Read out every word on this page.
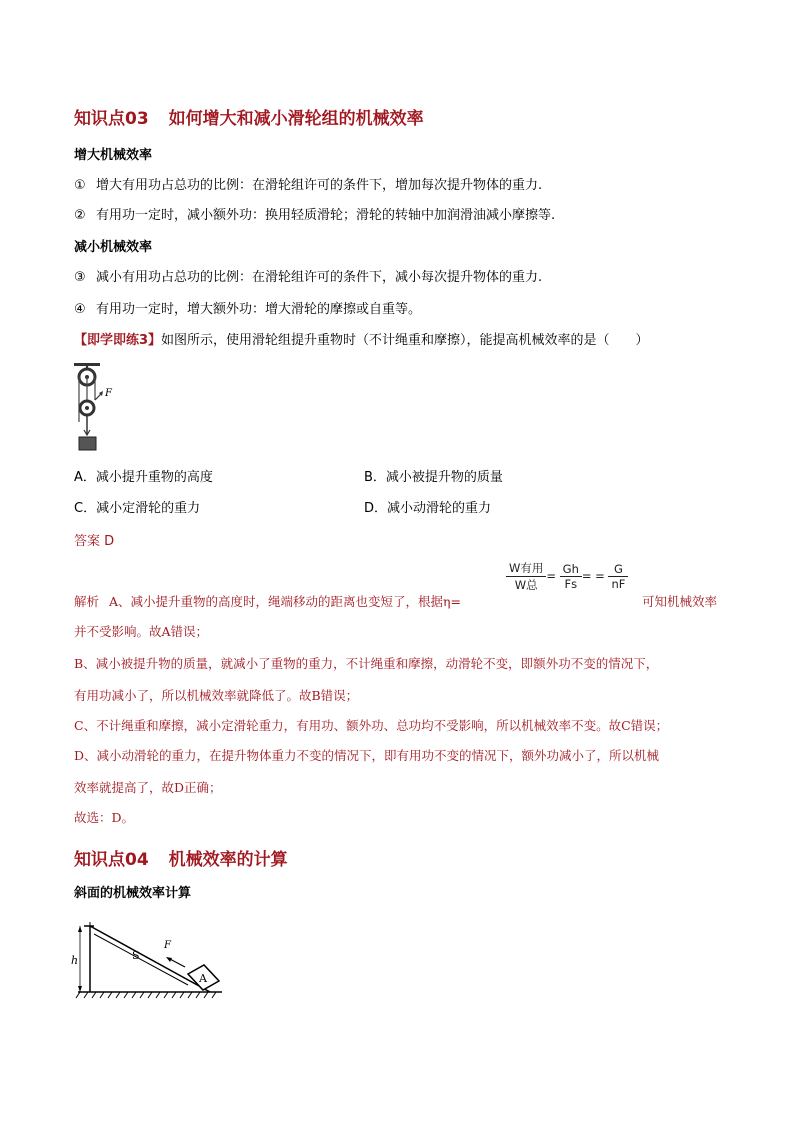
知识点03 如何增大和减小滑轮组的机械效率
增大机械效率
① 增大有用功占总功的比例：在滑轮组许可的条件下，增加每次提升物体的重力.
② 有用功一定时，减小额外功：换用轻质滑轮；滑轮的转轴中加润滑油减小摩擦等.
减小机械效率
③ 减小有用功占总功的比例：在滑轮组许可的条件下，减小每次提升物体的重力.
④ 有用功一定时，增大额外功：增大滑轮的摩擦或自重等。
【即学即练3】如图所示，使用滑轮组提升重物时（不计绳重和摩擦），能提高机械效率的是（　　）
F
A．减小提升重物的高度	B．减小被提升物的质量
C．减小定滑轮的重力	D．减小动滑轮的重力
答案 D
解析 A、减小提升重物的高度时，绳端移动的距离也变短了，根据η=
$\frac{\text{W有用}}{\text{W总}} = \frac{Gh}{Fs}$ = = $\frac{G}{nF}$
可知机械效率
并不受影响。故A错误；
B、减小被提升物的质量，就减小了重物的重力，不计绳重和摩擦，动滑轮不变，即额外功不变的情况下，
有用功减小了，所以机械效率就降低了。故B错误；
C、不计绳重和摩擦，减小定滑轮重力，有用功、额外功、总功均不受影响，所以机械效率不变。故C错误；
D、减小动滑轮的重力，在提升物体重力不变的情况下，即有用功不变的情况下，额外功减小了，所以机械
效率就提高了，故D正确；
故选：D。
知识点04 机械效率的计算
斜面的机械效率计算
h	S
F
A
